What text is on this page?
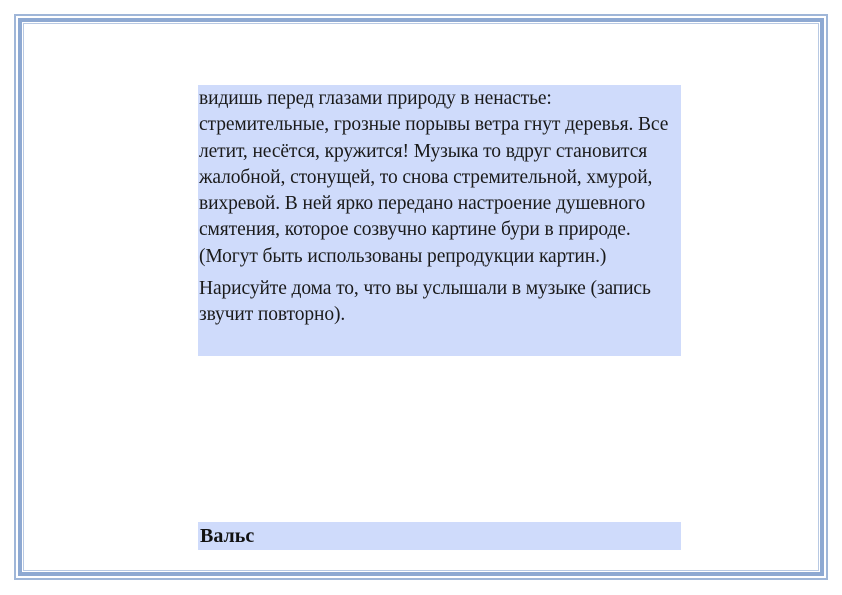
видишь перед глазами природу в ненастье: стремительные, грозные порывы ветра гнут деревья. Все летит, несётся, кружится! Музыка то вдруг становится жалобной, стонущей, то снова стремительной, хмурой, вихревой. В ней ярко передано настроение душевного смятения, которое созвучно картине бури в природе. (Могут быть использованы репродукции картин.)

Нарисуйте дома то, что вы услышали в музыке (запись звучит повторно).

Вальс
